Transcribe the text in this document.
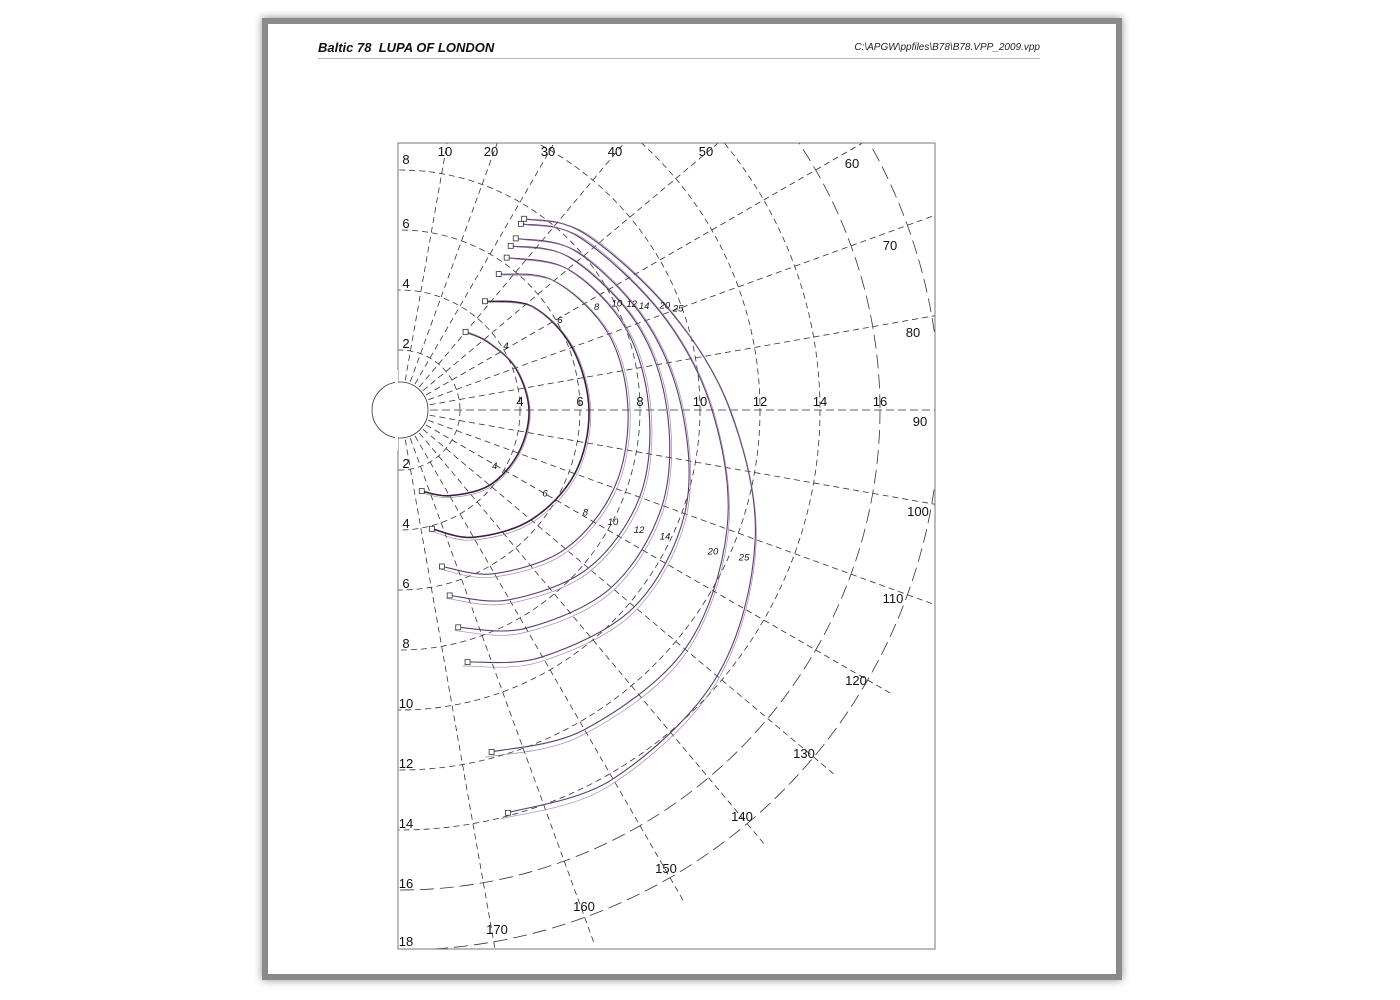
Baltic 78  LUPA OF LONDON	C:\APGW\ppfiles\B78\B78.VPP_2009.vpp
10 20	30	40	50
60
70
80
90
100
110
120
130
140
150
160
170
4	6	8	10	12	14	16
8
6
4
2
2
4
6
8
10
12
14
16
18
4
4
6
6
8
8
10
10
12
12
14
14
20
20
25
25
